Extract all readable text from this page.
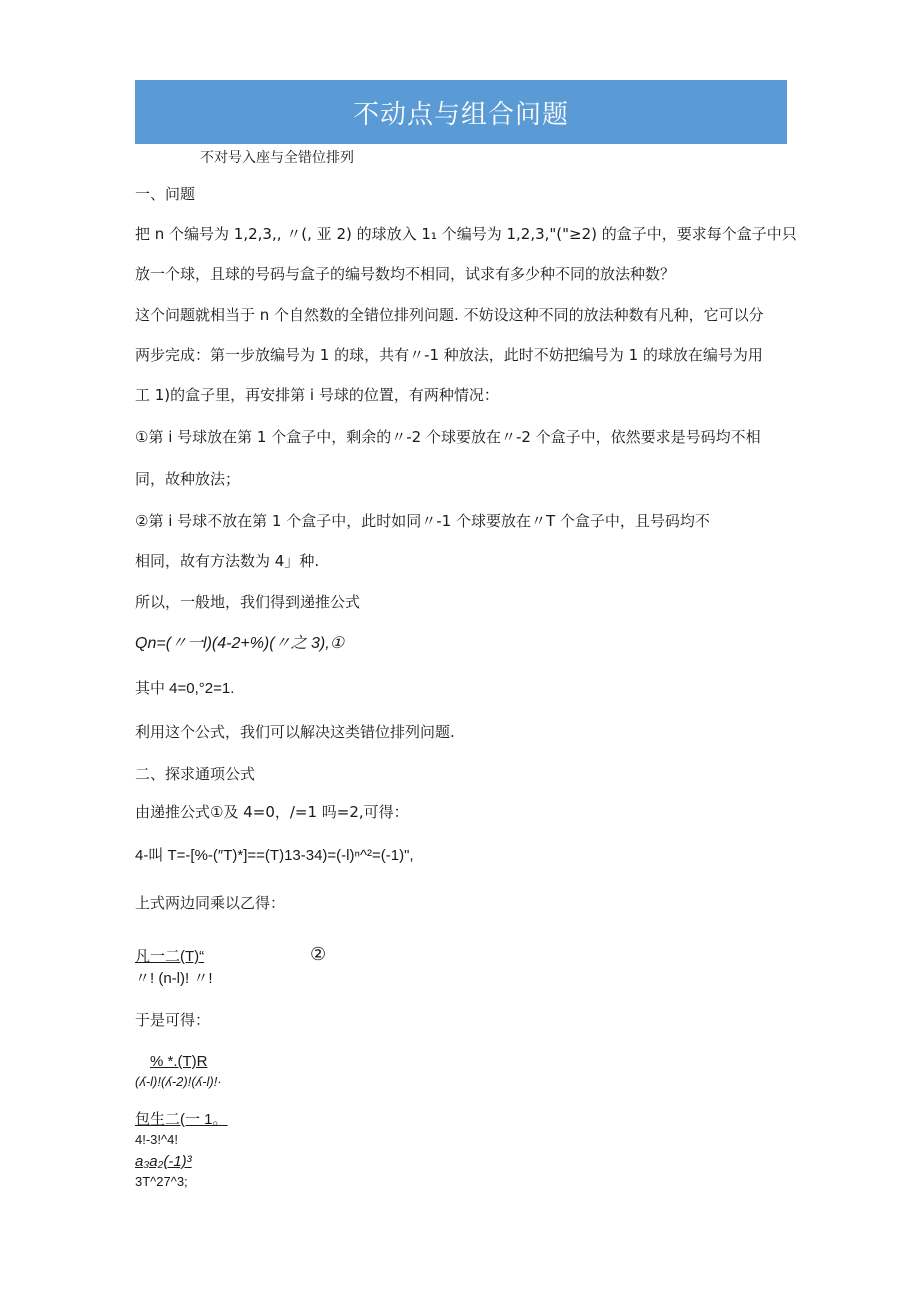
不动点与组合问题
不对号入座与全错位排列
一、问题
把 n 个编号为 1,2,3,, 〃(, 亚 2) 的球放入 1₁ 个编号为 1,2,3,"("≥2) 的盒子中，要求每个盒子中只
放一个球，且球的号码与盒子的编号数均不相同，试求有多少种不同的放法种数？
这个问题就相当于 n 个自然数的全错位排列问题. 不妨设这种不同的放法种数有凡种，它可以分
两步完成：第一步放编号为 1 的球，共有〃-1 种放法，此时不妨把编号为 1 的球放在编号为用
工 1)的盒子里，再安排第 i 号球的位置，有两种情况：
①第 i 号球放在第 1 个盒子中，剩余的〃-2 个球要放在〃-2 个盒子中，依然要求是号码均不相
同，故种放法；
②第 i 号球不放在第 1 个盒子中，此时如同〃-1 个球要放在〃T 个盒子中，且号码均不
相同，故有方法数为 4」种.
所以，一般地，我们得到递推公式
Qn=(〃一l)(4-2+%)(〃之 3),①
其中 4=0,°2=1.
利用这个公式，我们可以解决这类错位排列问题.
二、探求通项公式
由递推公式①及 4=0，/=1 吗=2,可得：
4-叫 T=-[%-(″T)*]==(T)13-34)=(-l)ⁿ^²=(-1)",
上式两边同乘以乙得：
凡一二(T)“	②
〃! (n-l)! 〃!
于是可得：
% *.(T)R
(ʎ-l)!(ʎ-2)!(ʎ-l)!·
包生二(一 1。
4!-3!^4!
a₃a₂(-1)³
3T^27^3;
